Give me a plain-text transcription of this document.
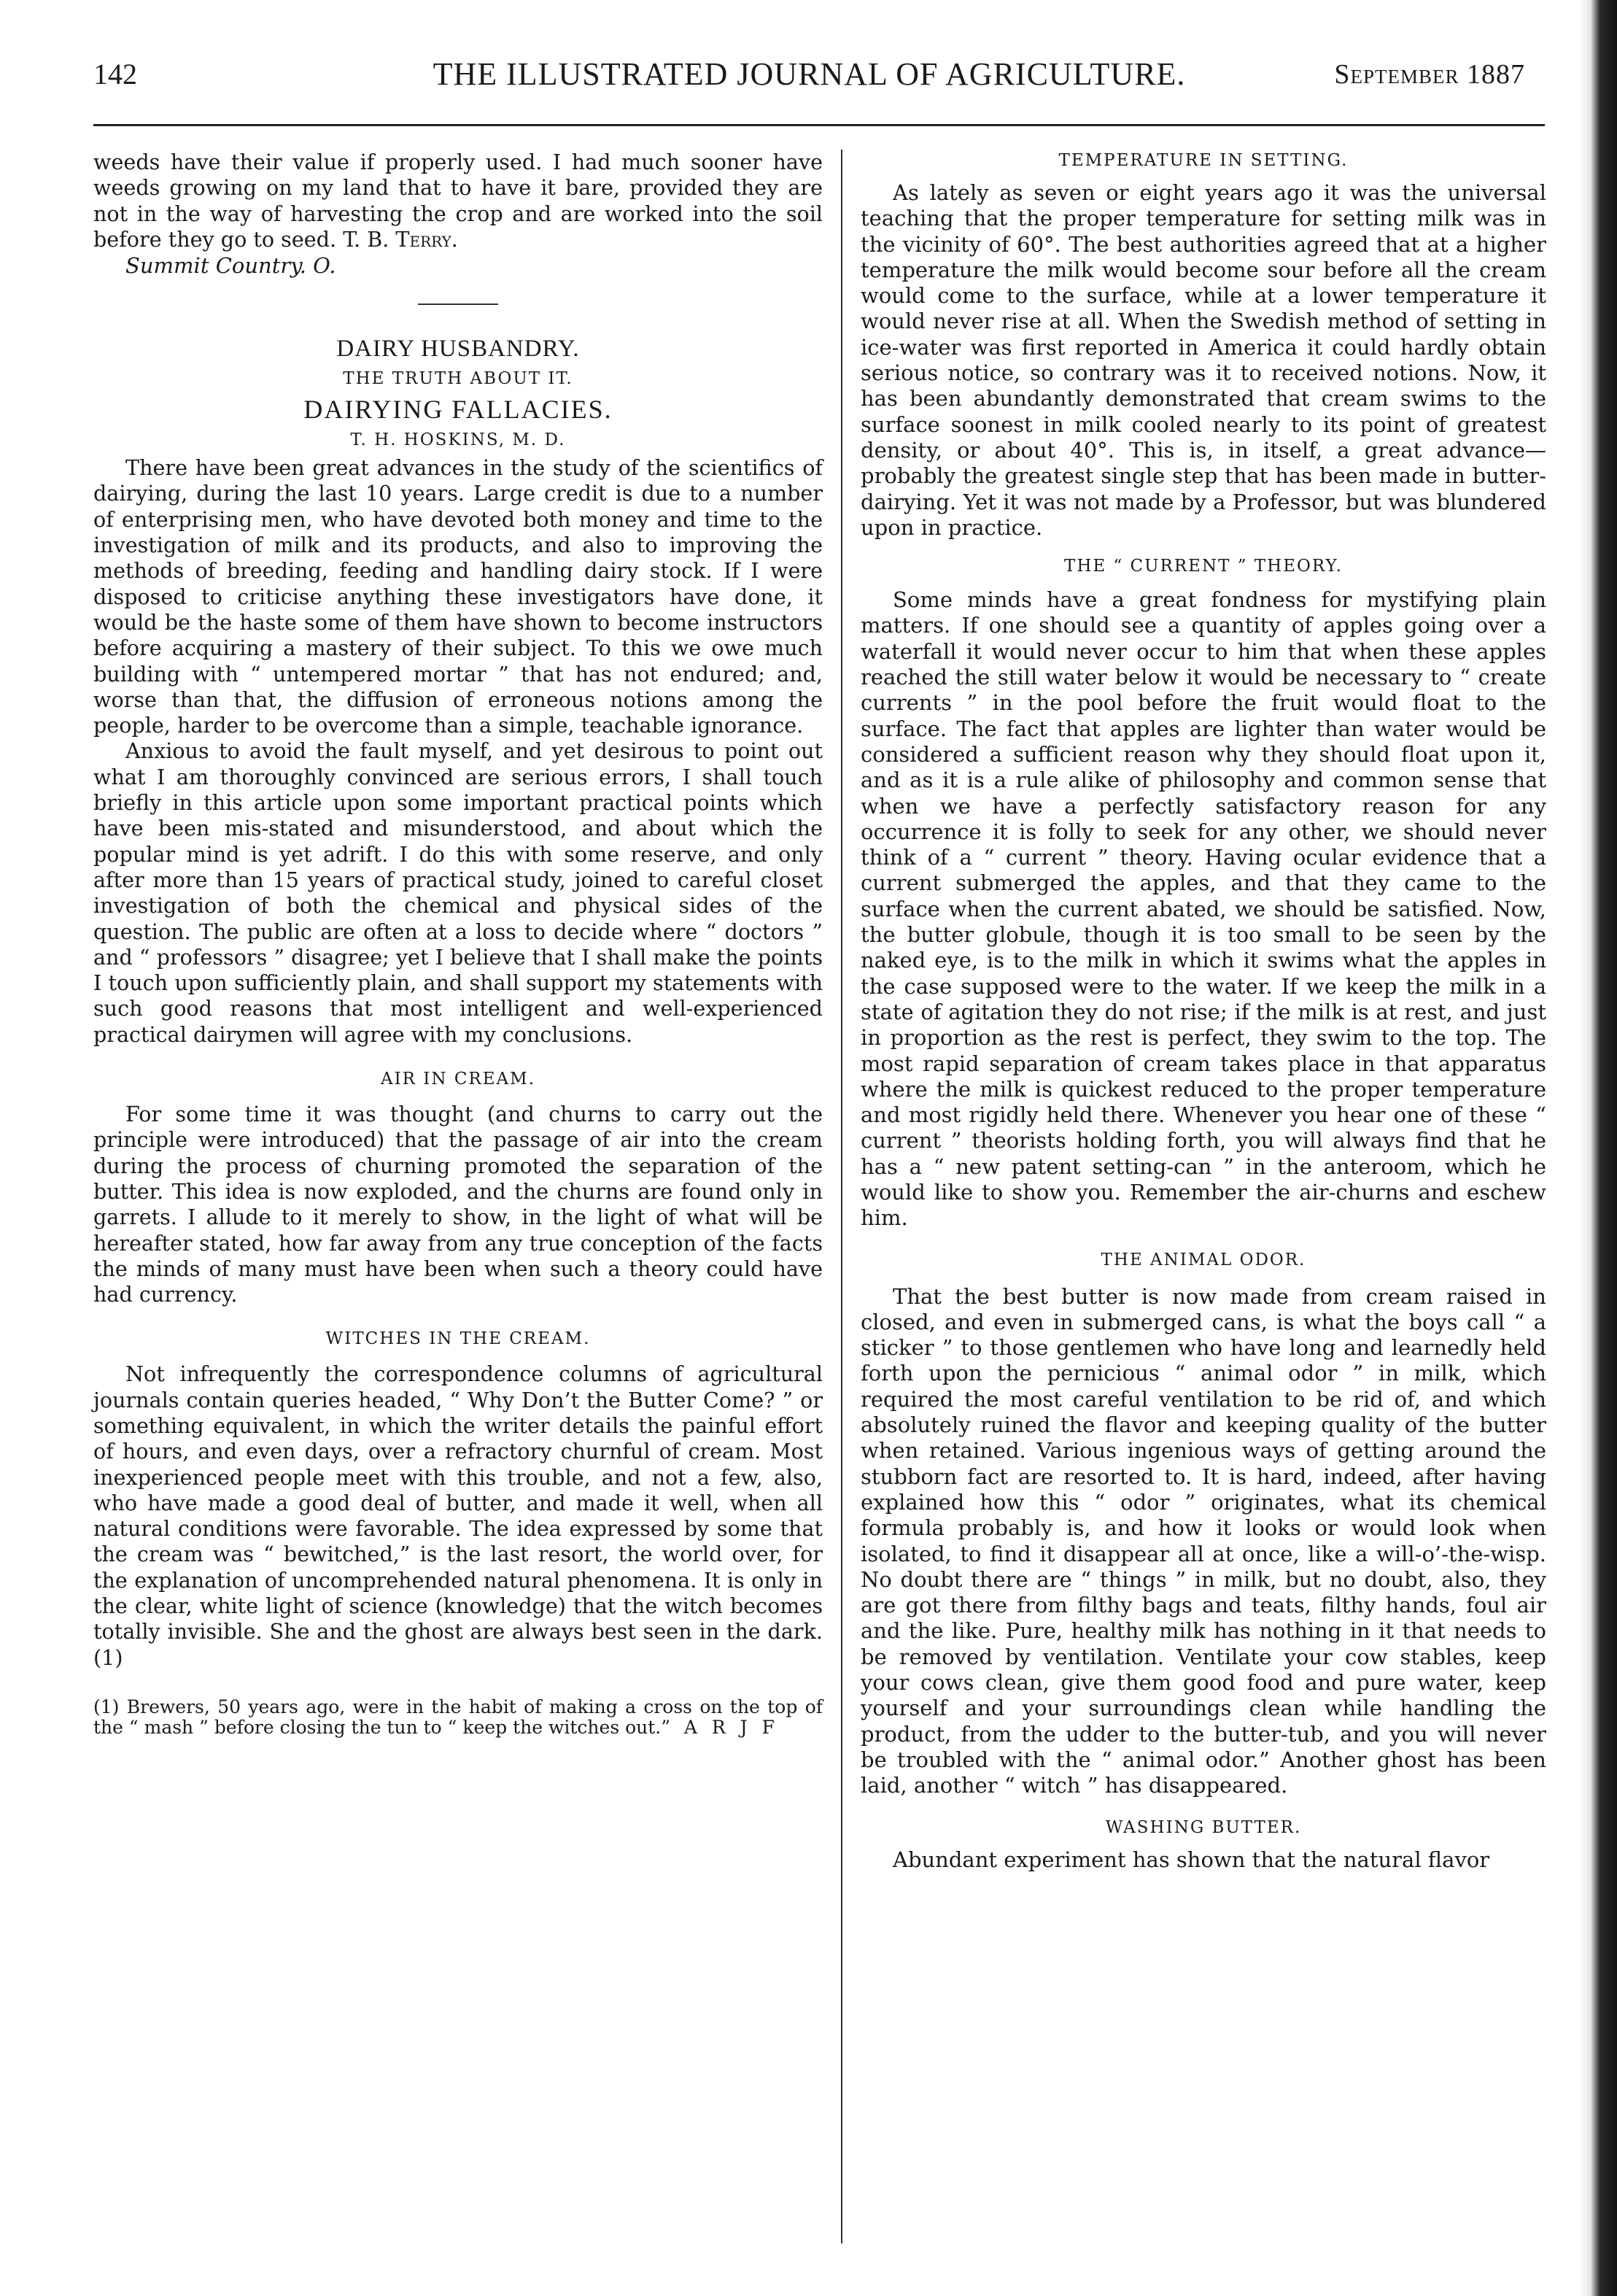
142	THE ILLUSTRATED JOURNAL OF AGRICULTURE.	September 1887

weeds have their value if properly used. I had much sooner have weeds growing on my land that to have it bare, provided they are not in the way of harvesting the crop and are worked into the soil before they go to seed. T. B. Terry.

Summit Country. O.
DAIRY HUSBANDRY.
THE TRUTH ABOUT IT.
DAIRYING FALLACIES.
T. H. HOSKINS, M. D.

There have been great advances in the study of the scientifics of dairying, during the last 10 years. Large credit is due to a number of enterprising men, who have devoted both money and time to the investigation of milk and its products, and also to improving the methods of breeding, feeding and handling dairy stock. If I were disposed to criticise anything these investigators have done, it would be the haste some of them have shown to become instructors before acquiring a mastery of their subject. To this we owe much building with “ untempered mortar ” that has not endured; and, worse than that, the diffusion of erroneous notions among the people, harder to be overcome than a simple, teachable ignorance.

Anxious to avoid the fault myself, and yet desirous to point out what I am thoroughly convinced are serious errors, I shall touch briefly in this article upon some important practical points which have been mis-stated and misunderstood, and about which the popular mind is yet adrift. I do this with some reserve, and only after more than 15 years of practical study, joined to careful closet investigation of both the chemical and physical sides of the question. The public are often at a loss to decide where “ doctors ” and “ professors ” disagree; yet I believe that I shall make the points I touch upon sufficiently plain, and shall support my statements with such good reasons that most intelligent and well-experienced practical dairymen will agree with my conclusions.

AIR IN CREAM.

For some time it was thought (and churns to carry out the principle were introduced) that the passage of air into the cream during the process of churning promoted the separation of the butter. This idea is now exploded, and the churns are found only in garrets. I allude to it merely to show, in the light of what will be hereafter stated, how far away from any true conception of the facts the minds of many must have been when such a theory could have had currency.

WITCHES IN THE CREAM.

Not infrequently the correspondence columns of agricultural journals contain queries headed, “ Why Don’t the Butter Come? ” or something equivalent, in which the writer details the painful effort of hours, and even days, over a refractory churnful of cream. Most inexperienced people meet with this trouble, and not a few, also, who have made a good deal of butter, and made it well, when all natural conditions were favorable. The idea expressed by some that the cream was “ bewitched,” is the last resort, the world over, for the explanation of uncomprehended natural phenomena. It is only in the clear, white light of science (knowledge) that the witch becomes totally invisible. She and the ghost are always best seen in the dark. (1)

(1) Brewers, 50 years ago, were in the habit of making a cross on the top of the “ mash ” before closing the tun to “ keep the witches out.” A R J F
TEMPERATURE IN SETTING.

As lately as seven or eight years ago it was the universal teaching that the proper temperature for setting milk was in the vicinity of 60°. The best authorities agreed that at a higher temperature the milk would become sour before all the cream would come to the surface, while at a lower temperature it would never rise at all. When the Swedish method of setting in ice-water was first reported in America it could hardly obtain serious notice, so contrary was it to received notions. Now, it has been abundantly demonstrated that cream swims to the surface soonest in milk cooled nearly to its point of greatest density, or about 40°. This is, in itself, a great advance—probably the greatest single step that has been made in butter-dairying. Yet it was not made by a Professor, but was blundered upon in practice.

THE “ CURRENT ” THEORY.

Some minds have a great fondness for mystifying plain matters. If one should see a quantity of apples going over a waterfall it would never occur to him that when these apples reached the still water below it would be necessary to “ create currents ” in the pool before the fruit would float to the surface. The fact that apples are lighter than water would be considered a sufficient reason why they should float upon it, and as it is a rule alike of philosophy and common sense that when we have a perfectly satisfactory reason for any occurrence it is folly to seek for any other, we should never think of a “ current ” theory. Having ocular evidence that a current submerged the apples, and that they came to the surface when the current abated, we should be satisfied. Now, the butter globule, though it is too small to be seen by the naked eye, is to the milk in which it swims what the apples in the case supposed were to the water. If we keep the milk in a state of agitation they do not rise; if the milk is at rest, and just in proportion as the rest is perfect, they swim to the top. The most rapid separation of cream takes place in that apparatus where the milk is quickest reduced to the proper temperature and most rigidly held there. Whenever you hear one of these “ current ” theorists holding forth, you will always find that he has a “ new patent setting-can ” in the anteroom, which he would like to show you. Remember the air-churns and eschew him.

THE ANIMAL ODOR.

That the best butter is now made from cream raised in closed, and even in submerged cans, is what the boys call “ a sticker ” to those gentlemen who have long and learnedly held forth upon the pernicious “ animal odor ” in milk, which required the most careful ventilation to be rid of, and which absolutely ruined the flavor and keeping quality of the butter when retained. Various ingenious ways of getting around the stubborn fact are resorted to. It is hard, indeed, after having explained how this “ odor ” originates, what its chemical formula probably is, and how it looks or would look when isolated, to find it disappear all at once, like a will-o’-the-wisp. No doubt there are “ things ” in milk, but no doubt, also, they are got there from filthy bags and teats, filthy hands, foul air and the like. Pure, healthy milk has nothing in it that needs to be removed by ventilation. Ventilate your cow stables, keep your cows clean, give them good food and pure water, keep yourself and your surroundings clean while handling the product, from the udder to the butter-tub, and you will never be troubled with the “ animal odor.” Another ghost has been laid, another “ witch ” has disappeared.

WASHING BUTTER.

Abundant experiment has shown that the natural flavor
